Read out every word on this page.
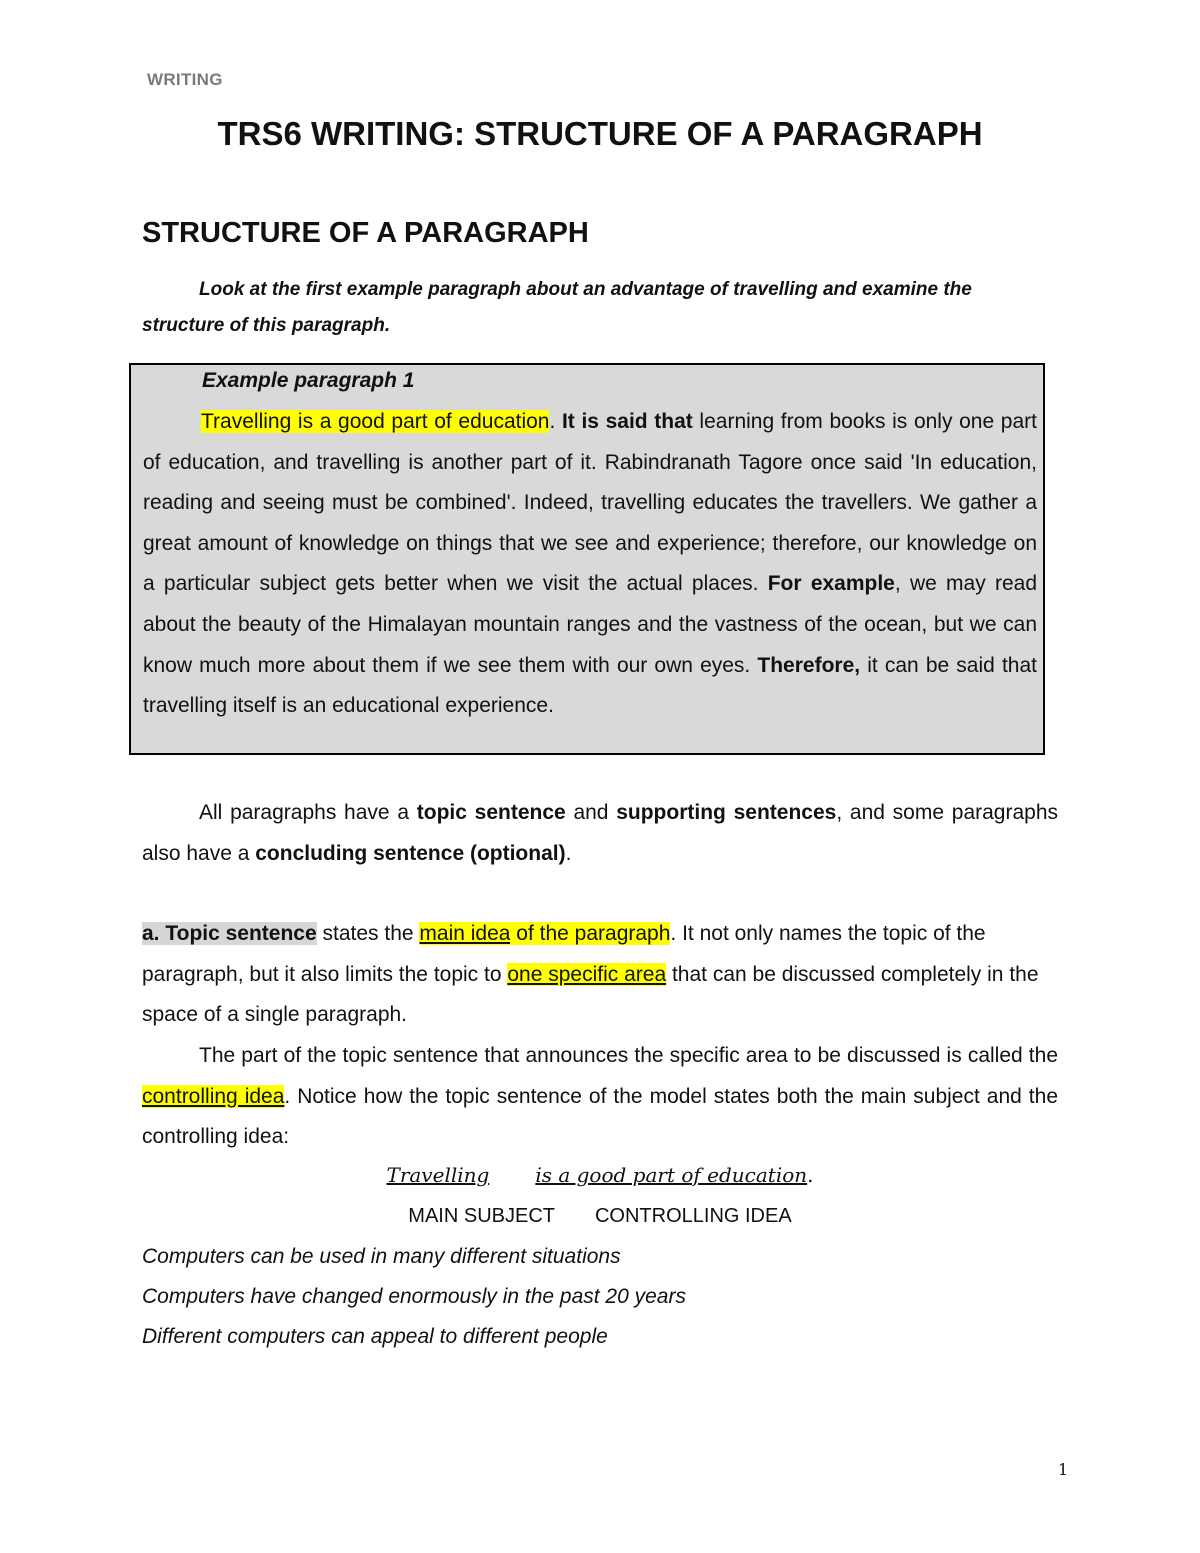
WRITING
TRS6 WRITING: STRUCTURE OF A PARAGRAPH
STRUCTURE OF A PARAGRAPH

Look at the first example paragraph about an advantage of travelling and examine the structure of this paragraph.

Example paragraph 1

Travelling is a good part of education. It is said that learning from books is only one part of education, and travelling is another part of it. Rabindranath Tagore once said 'In education, reading and seeing must be combined'. Indeed, travelling educates the travellers. We gather a great amount of knowledge on things that we see and experience; therefore, our knowledge on a particular subject gets better when we visit the actual places. For example, we may read about the beauty of the Himalayan mountain ranges and the vastness of the ocean, but we can know much more about them if we see them with our own eyes. Therefore, it can be said that travelling itself is an educational experience.

All paragraphs have a topic sentence and supporting sentences, and some paragraphs also have a concluding sentence (optional).

a. Topic sentence states the main idea of the paragraph. It not only names the topic of the paragraph, but it also limits the topic to one specific area that can be discussed completely in the space of a single paragraph.

The part of the topic sentence that announces the specific area to be discussed is called the controlling idea. Notice how the topic sentence of the model states both the main subject and the controlling idea:

Travelling is a good part of education.

MAIN SUBJECT CONTROLLING IDEA
Computers can be used in many different situations
Computers have changed enormously in the past 20 years
Different computers can appeal to different people
1
